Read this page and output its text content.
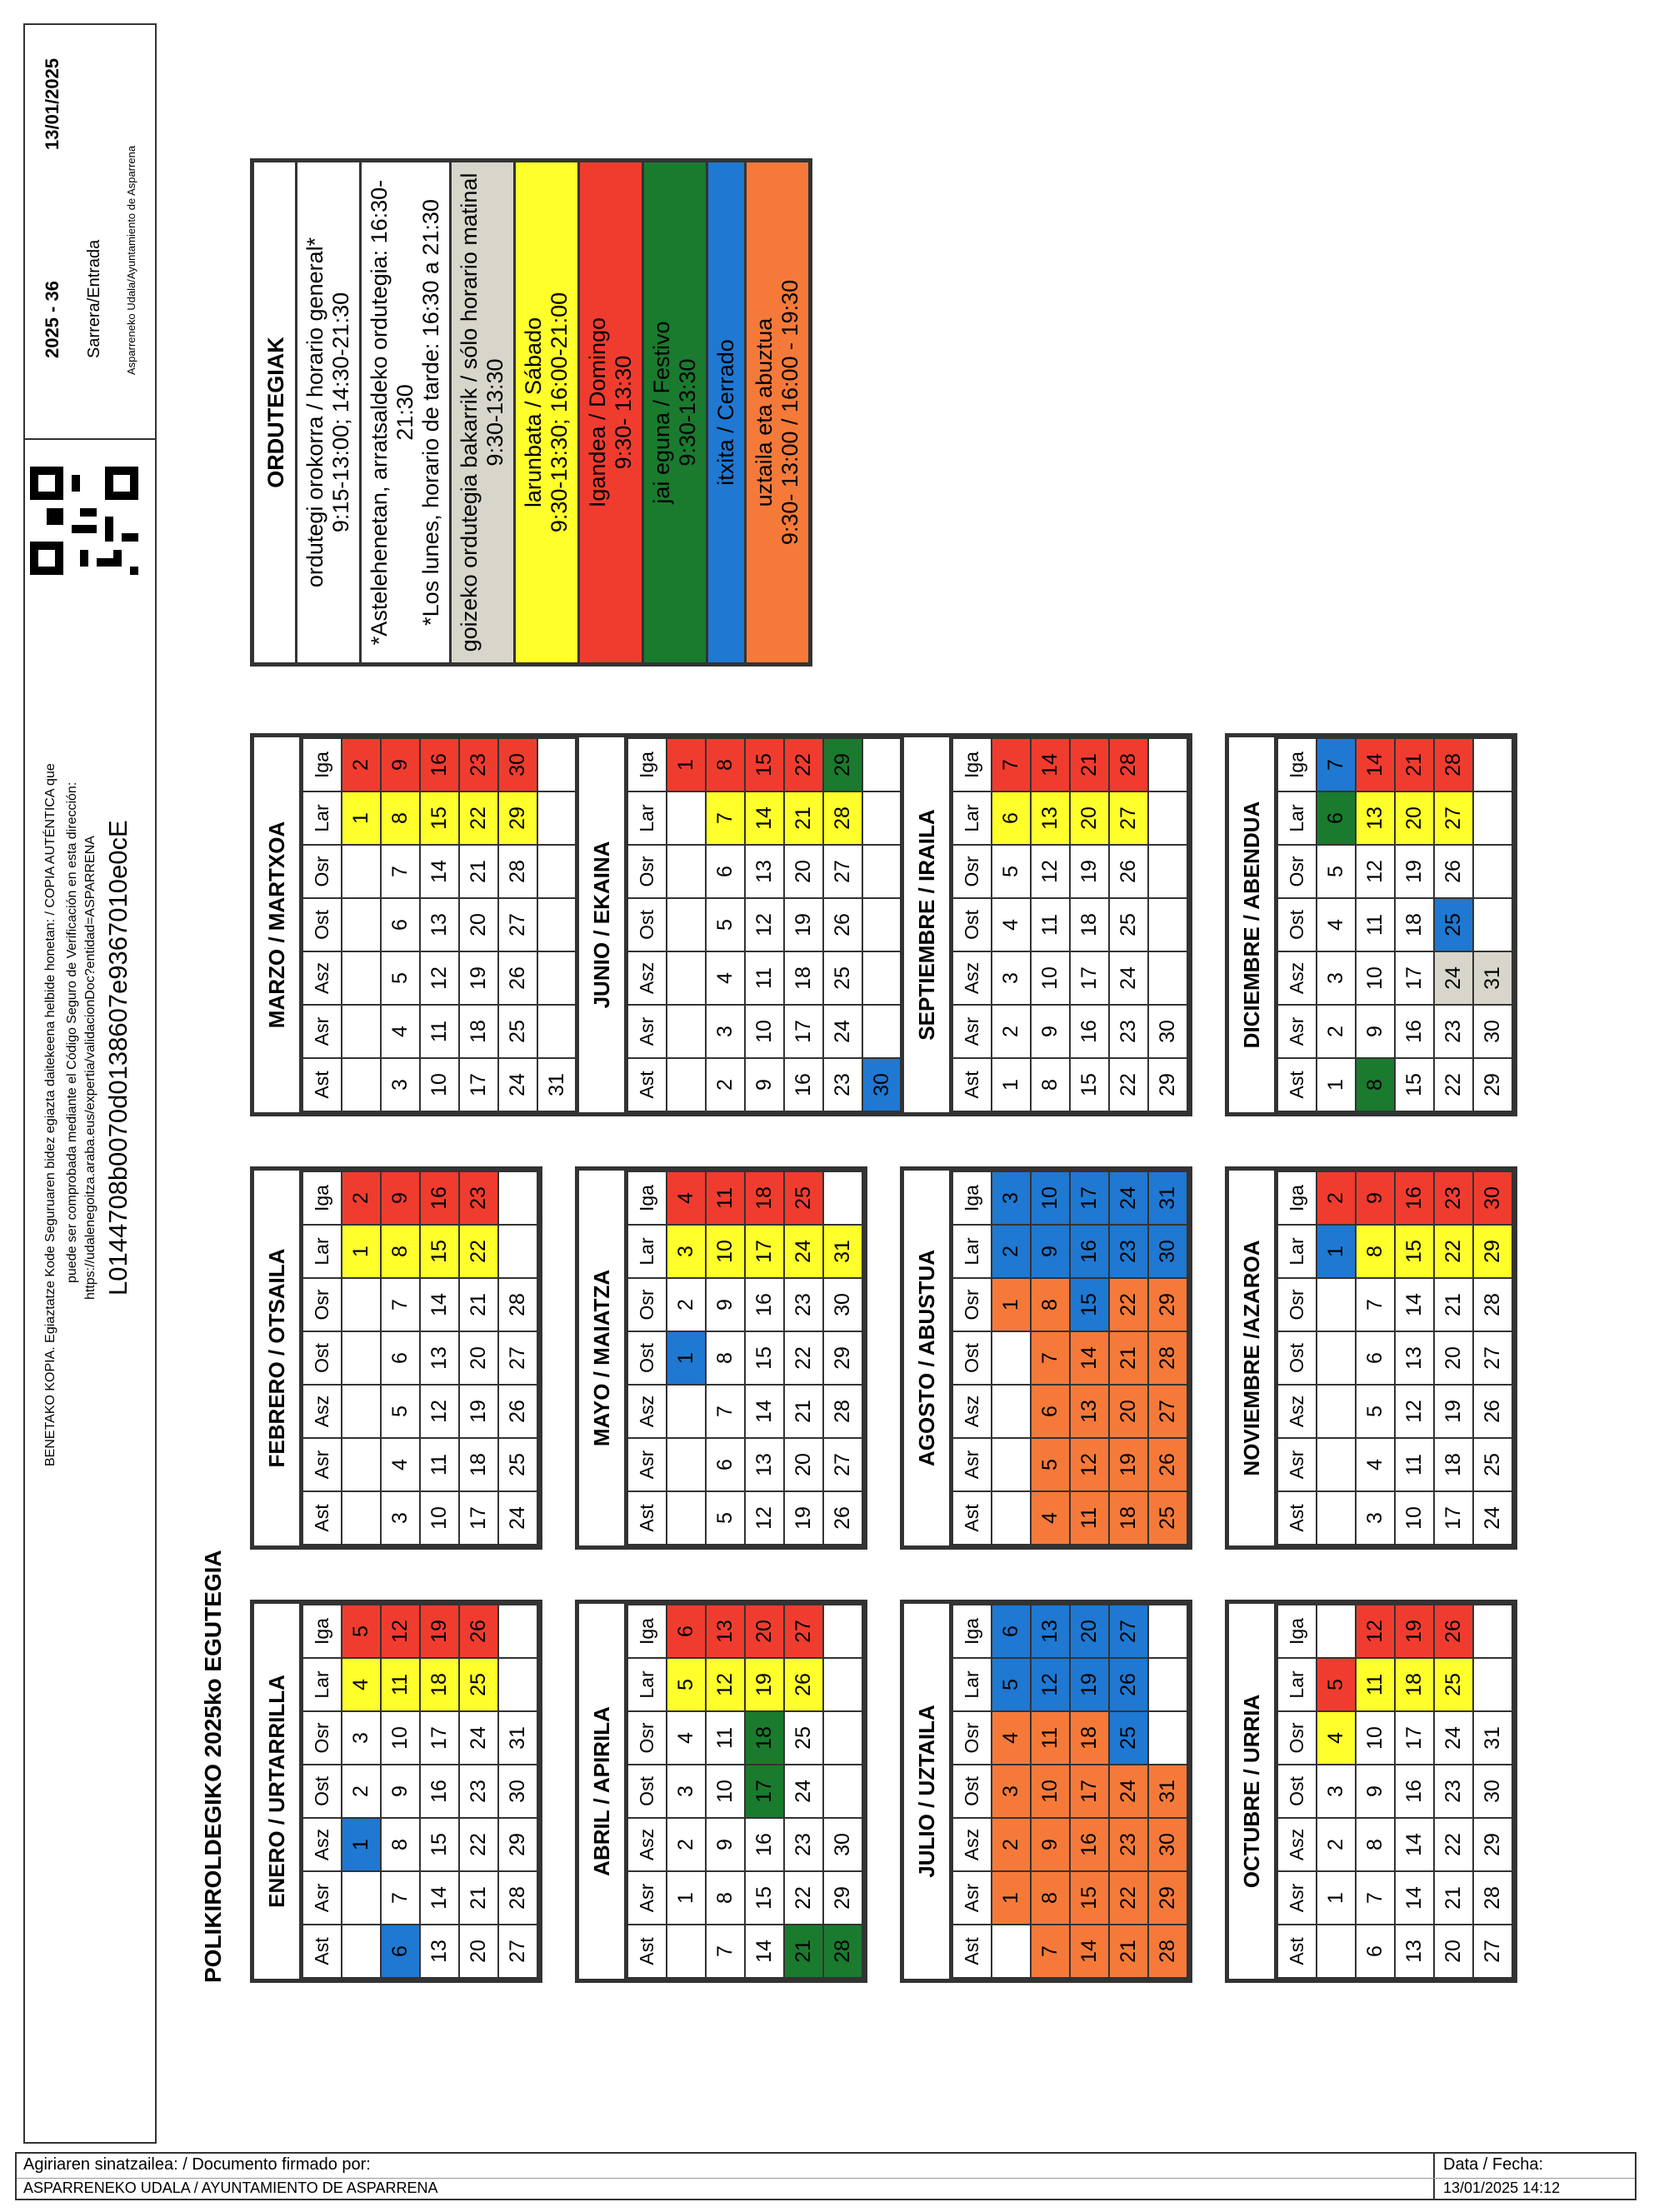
13/01/2025
2025 - 36 Sarrera/Entrada Asparreneko Udala/Ayuntamiento de Asparrena
BENETAKO KOPIA. Egiaztatze Kode Seguruaren bidez egiazta daitekeena helbide honetan: / COPIA AUTÉNTICA que puede ser comprobada mediante el Código Seguro de Verificación en esta dirección: https://udalenegoitza.araba.eus/expertia/validacionDoc?entidad=ASPARRENA L0144708b0070d0138607e9367010e0cE
POLIKIROLDEGIKO 2025ko EGUTEGIA	ENERO / URTARRILLA
Ast	Asr	Asz	Ost	Osr	Lar	Iga
		1	2	3	4	5
6	7	8	9	10	11	12
13	14	15	16	17	18	19
20	21	22	23	24	25	26
27	28	29	30	31		
FEBRERO / OTSAILA
Ast	Asr	Asz	Ost	Osr	Lar	Iga
					1	2
3	4	5	6	7	8	9
10	11	12	13	14	15	16
17	18	19	20	21	22	23
24	25	26	27	28		
MARZO / MARTXOA
Ast	Asr	Asz	Ost	Osr	Lar	Iga
					1	2
3	4	5	6	7	8	9
10	11	12	13	14	15	16
17	18	19	20	21	22	23
24	25	26	27	28	29	30
31						
ABRIL / APIRILA
Ast	Asr	Asz	Ost	Osr	Lar	Iga
	1	2	3	4	5	6
7	8	9	10	11	12	13
14	15	16	17	18	19	20
21	22	23	24	25	26	27
28	29	30				
MAYO / MAIATZA
Ast	Asr	Asz	Ost	Osr	Lar	Iga
			1	2	3	4
5	6	7	8	9	10	11
12	13	14	15	16	17	18
19	20	21	22	23	24	25
26	27	28	29	30	31	
JUNIO / EKAINA
Ast	Asr	Asz	Ost	Osr	Lar	Iga
						1
2	3	4	5	6	7	8
9	10	11	12	13	14	15
16	17	18	19	20	21	22
23	24	25	26	27	28	29
30						
JULIO / UZTAILA
Ast	Asr	Asz	Ost	Osr	Lar	Iga
	1	2	3	4	5	6
7	8	9	10	11	12	13
14	15	16	17	18	19	20
21	22	23	24	25	26	27
28	29	30	31			
AGOSTO / ABUSTUA
Ast	Asr	Asz	Ost	Osr	Lar	Iga
				1	2	3
4	5	6	7	8	9	10
11	12	13	14	15	16	17
18	19	20	21	22	23	24
25	26	27	28	29	30	31
SEPTIEMBRE / IRAILA
Ast	Asr	Asz	Ost	Osr	Lar	Iga
1	2	3	4	5	6	7
8	9	10	11	12	13	14
15	16	17	18	19	20	21
22	23	24	25	26	27	28
29	30					
OCTUBRE / URRIA
Ast	Asr	Asz	Ost	Osr	Lar	Iga
	1	2	3	4	5	
6	7	8	9	10	11	12
13	14	14	16	17	18	19
20	21	22	23	24	25	26
27	28	29	30	31		
NOVIEMBRE /AZAROA
Ast	Asr	Asz	Ost	Osr	Lar	Iga
					1	2
3	4	5	6	7	8	9
10	11	12	13	14	15	16
17	18	19	20	21	22	23
24	25	26	27	28	29	30
DICIEMBRE / ABENDUA
Ast	Asr	Asz	Ost	Osr	Lar	Iga
1	2	3	4	5	6	7
8	9	10	11	12	13	14
15	16	17	18	19	20	21
22	23	24	25	26	27	28
29	30	31				
ORDUTEGIAK ordutegi orokorra / horario general* 9:15-13:00; 14:30-21:30 *Astelehenetan, arratsaldeko ordutegia: 16:30-21:30 *Los lunes, horario de tarde: 16:30 a 21:30 goizeko ordutegia bakarrik / sólo horario matinal 9:30-13:30 larunbata / Sábado 9:30-13:30; 16:00-21:00 Igandea / Domingo 9:30- 13:30 jai eguna / Festivo 9:30-13:30 itxita / Cerrado uztaila eta abuztua 9:30- 13:00 / 16:00 - 19:30
Agiriaren sinatzailea: / Documento firmado por:
ASPARRENEKO UDALA / AYUNTAMIENTO DE ASPARRENA
Data / Fecha:
13/01/2025 14:12
